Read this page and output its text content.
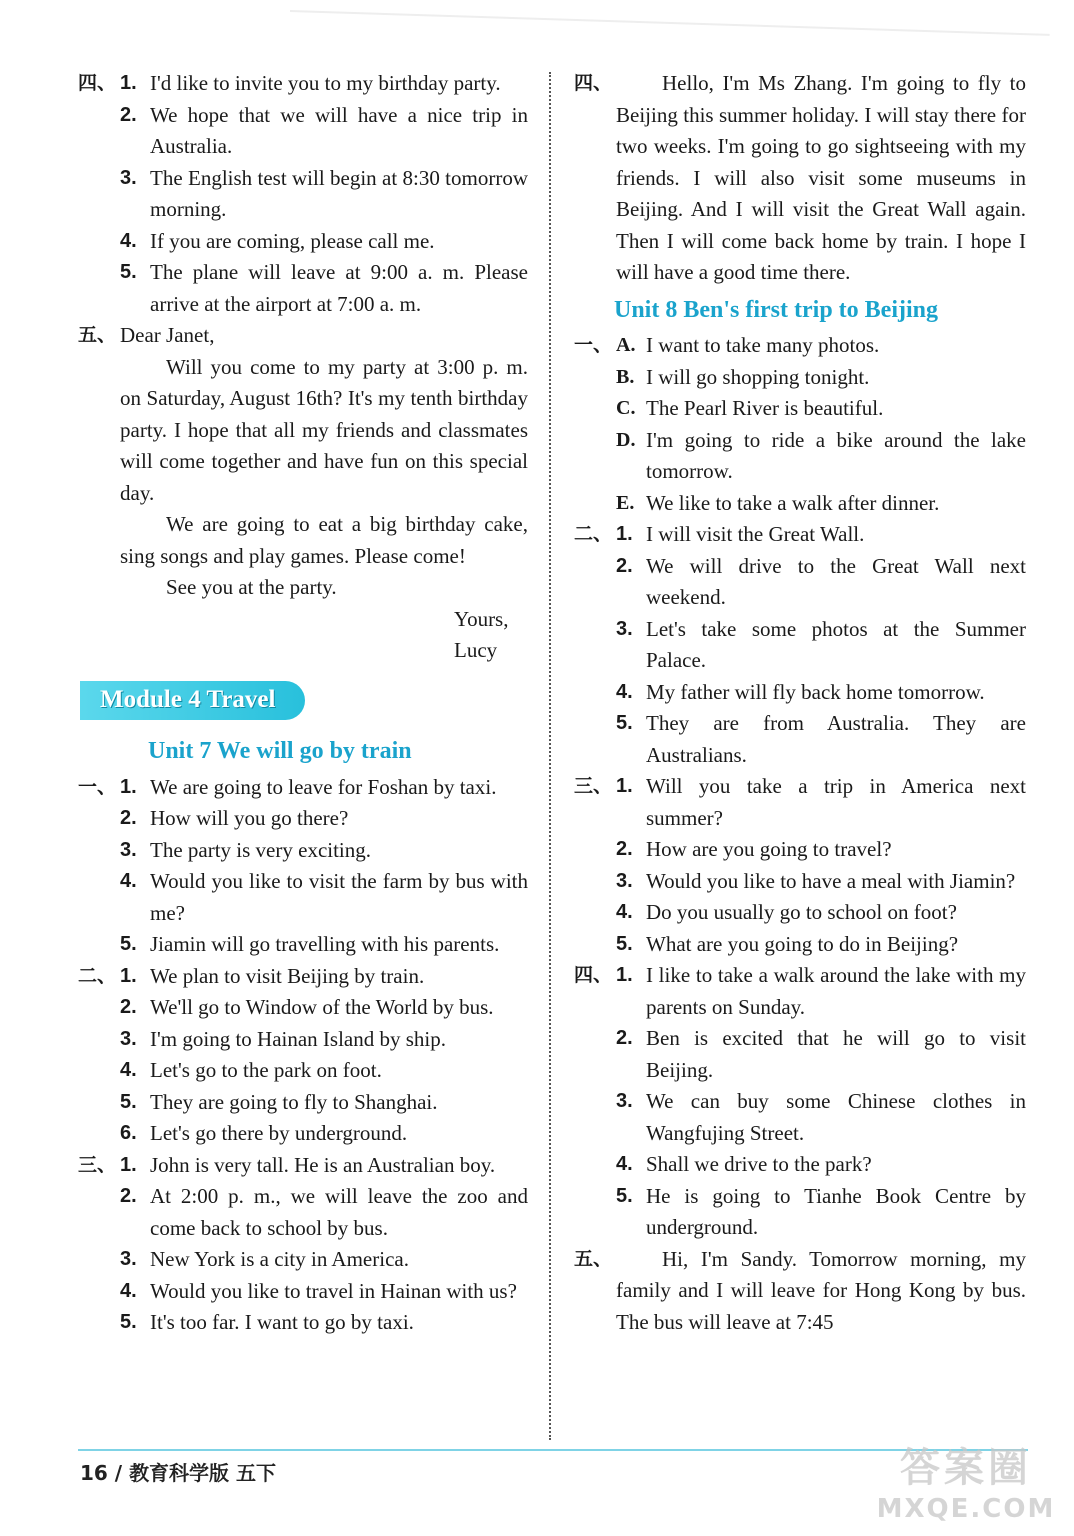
四、 1. I'd like to invite you to my birthday party.
2. We hope that we will have a nice trip in Australia.
3. The English test will begin at 8:30 tomorrow morning.
4. If you are coming, please call me.
5. The plane will leave at 9:00 a. m. Please arrive at the airport at 7:00 a. m.
五、 Dear Janet,
Will you come to my party at 3:00 p. m. on Saturday, August 16th? It's my tenth birthday party. I hope that all my friends and classmates will come together and have fun on this special day.
We are going to eat a big birthday cake, sing songs and play games. Please come!
See you at the party.
Yours,
Lucy
Module 4 Travel
Unit 7 We will go by train
一、 1. We are going to leave for Foshan by taxi.
2. How will you go there?
3. The party is very exciting.
4. Would you like to visit the farm by bus with me?
5. Jiamin will go travelling with his parents.
二、 1. We plan to visit Beijing by train.
2. We'll go to Window of the World by bus.
3. I'm going to Hainan Island by ship.
4. Let's go to the park on foot.
5. They are going to fly to Shanghai.
6. Let's go there by underground.
三、 1. John is very tall. He is an Australian boy.
2. At 2:00 p. m., we will leave the zoo and come back to school by bus.
3. New York is a city in America.
4. Would you like to travel in Hainan with us?
5. It's too far. I want to go by taxi.
四、	Hello, I'm Ms Zhang. I'm going to fly to Beijing this summer holiday. I will stay there for two weeks. I'm going to go sightseeing with my friends. I will also visit some museums in Beijing. And I will visit the Great Wall again. Then I will come back home by train. I hope I will have a good time there.
Unit 8 Ben's first trip to Beijing
一、 A. I want to take many photos.
B. I will go shopping tonight.
C. The Pearl River is beautiful.
D. I'm going to ride a bike around the lake tomorrow.
E. We like to take a walk after dinner.
二、 1. I will visit the Great Wall.
2. We will drive to the Great Wall next weekend.
3. Let's take some photos at the Summer Palace.
4. My father will fly back home tomorrow.
5. They are from Australia. They are Australians.
三、 1. Will you take a trip in America next summer?
2. How are you going to travel?
3. Would you like to have a meal with Jiamin?
4. Do you usually go to school on foot?
5. What are you going to do in Beijing?
四、 1. I like to take a walk around the lake with my parents on Sunday.
2. Ben is excited that he will go to visit Beijing.
3. We can buy some Chinese clothes in Wangfujing Street.
4. Shall we drive to the park?
5. He is going to Tianhe Book Centre by underground.
五、	Hi, I'm Sandy. Tomorrow morning, my family and I will leave for Hong Kong by bus. The bus will leave at 7:45
16 / 教育科学版 五下	答案圈
MXQE.COM
